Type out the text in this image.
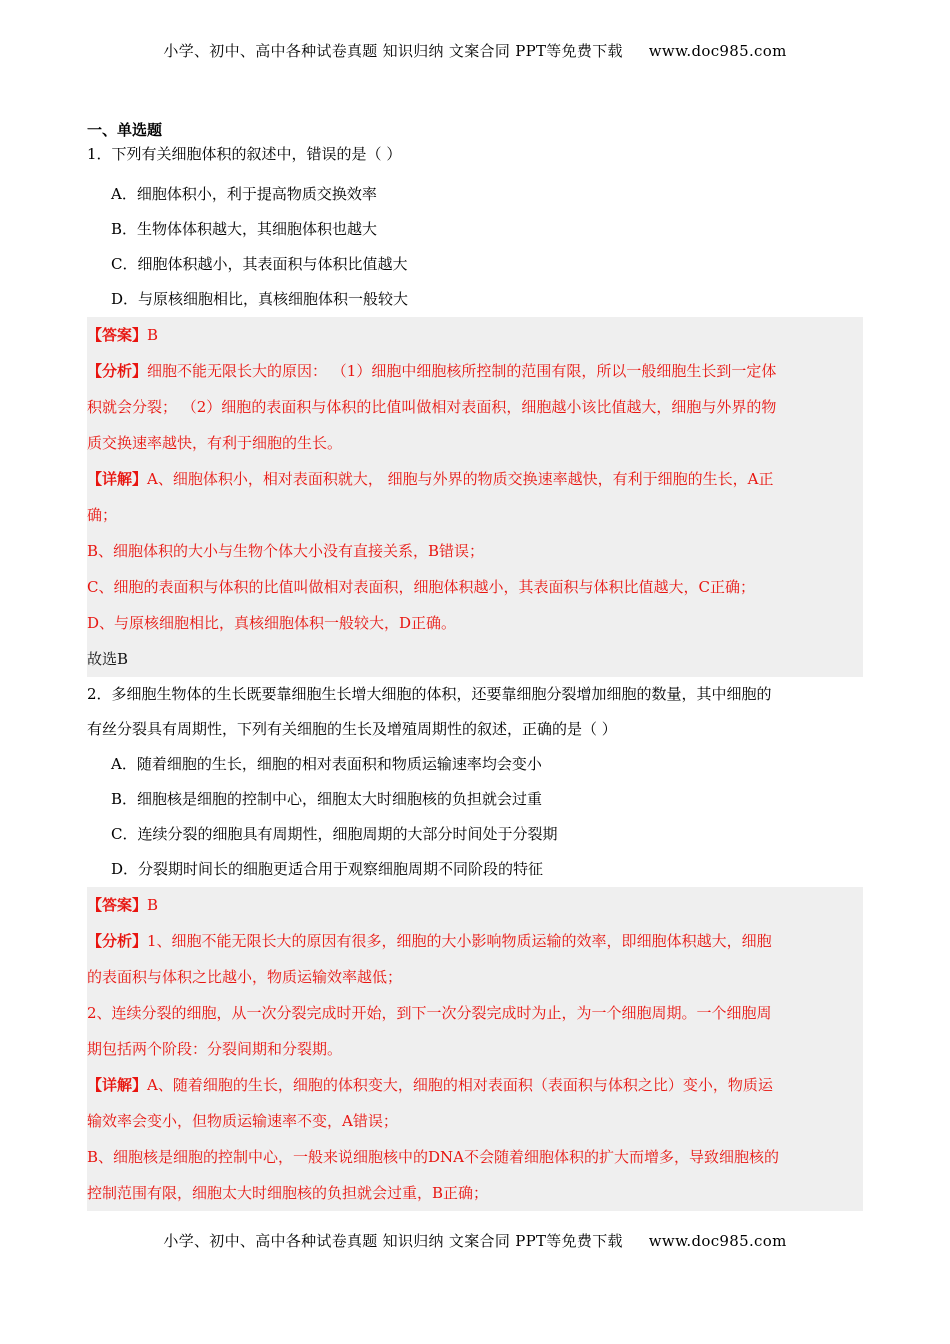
小学、初中、高中各种试卷真题 知识归纳 文案合同 PPT等免费下载 www.doc985.com
一、单选题
1．下列有关细胞体积的叙述中，错误的是（ ）
A．细胞体积小，利于提高物质交换效率
B．生物体体积越大，其细胞体积也越大
C．细胞体积越小，其表面积与体积比值越大
D．与原核细胞相比，真核细胞体积一般较大
【答案】B
【分析】细胞不能无限长大的原因： （1）细胞中细胞核所控制的范围有限，所以一般细胞生长到一定体
积就会分裂； （2）细胞的表面积与体积的比值叫做相对表面积，细胞越小该比值越大，细胞与外界的物
质交换速率越快，有利于细胞的生长。
【详解】A、细胞体积小，相对表面积就大， 细胞与外界的物质交换速率越快，有利于细胞的生长，A正
确；
B、细胞体积的大小与生物个体大小没有直接关系，B错误；
C、细胞的表面积与体积的比值叫做相对表面积，细胞体积越小，其表面积与体积比值越大，C正确；
D、与原核细胞相比，真核细胞体积一般较大，D正确。
故选B
2．多细胞生物体的生长既要靠细胞生长增大细胞的体积，还要靠细胞分裂增加细胞的数量，其中细胞的
有丝分裂具有周期性，下列有关细胞的生长及增殖周期性的叙述，正确的是（ ）
A．随着细胞的生长，细胞的相对表面积和物质运输速率均会变小
B．细胞核是细胞的控制中心，细胞太大时细胞核的负担就会过重
C．连续分裂的细胞具有周期性，细胞周期的大部分时间处于分裂期
D．分裂期时间长的细胞更适合用于观察细胞周期不同阶段的特征
【答案】B
【分析】1、细胞不能无限长大的原因有很多，细胞的大小影响物质运输的效率，即细胞体积越大，细胞
的表面积与体积之比越小，物质运输效率越低；
2、连续分裂的细胞，从一次分裂完成时开始，到下一次分裂完成时为止，为一个细胞周期。一个细胞周
期包括两个阶段：分裂间期和分裂期。
【详解】A、随着细胞的生长，细胞的体积变大，细胞的相对表面积（表面积与体积之比）变小，物质运
输效率会变小，但物质运输速率不变，A错误；
B、细胞核是细胞的控制中心，一般来说细胞核中的DNA不会随着细胞体积的扩大而增多，导致细胞核的
控制范围有限，细胞太大时细胞核的负担就会过重，B正确；
小学、初中、高中各种试卷真题 知识归纳 文案合同 PPT等免费下载 www.doc985.com
